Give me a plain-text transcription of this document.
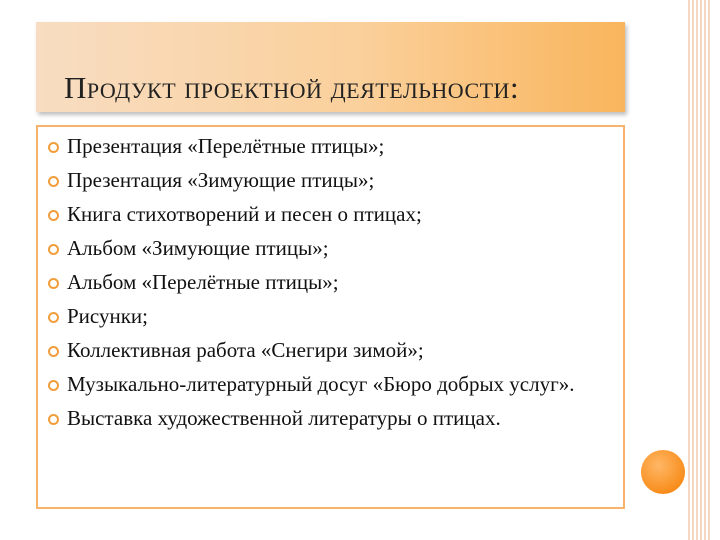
Продукт проектной деятельности:
Презентация «Перелётные птицы»;
Презентация «Зимующие птицы»;
Книга стихотворений и песен о птицах;
Альбом «Зимующие птицы»;
Альбом «Перелётные птицы»;
Рисунки;
Коллективная работа «Снегири зимой»;
Музыкально-литературный досуг «Бюро добрых услуг».
Выставка художественной литературы о птицах.
